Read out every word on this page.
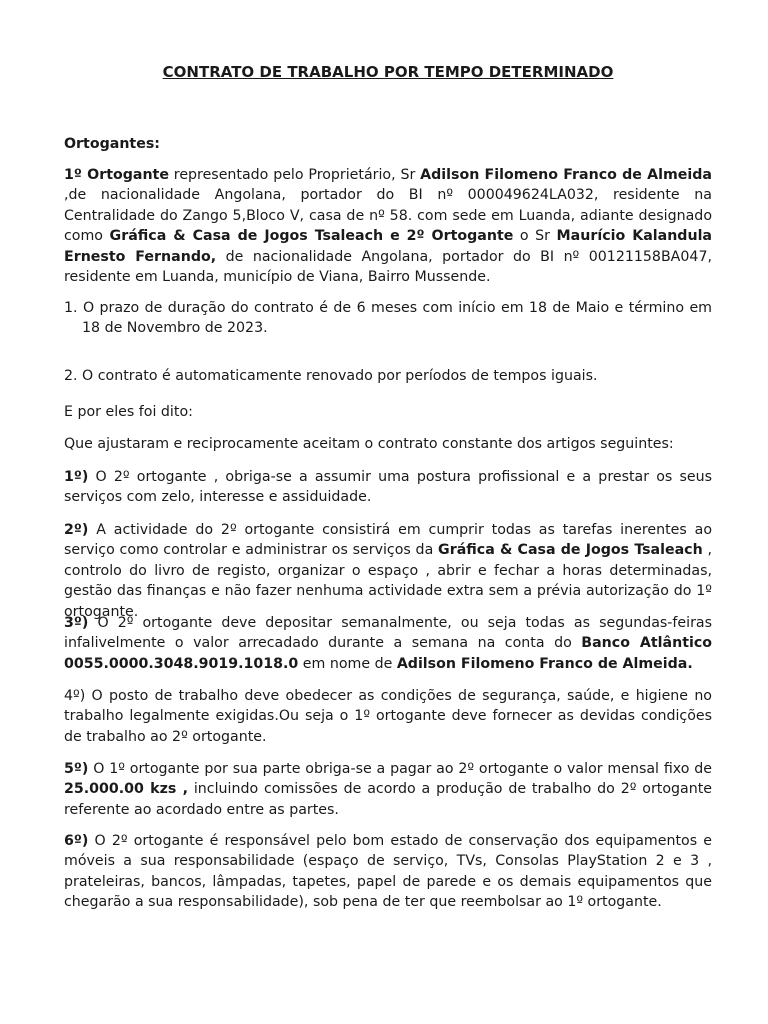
CONTRATO DE TRABALHO POR TEMPO DETERMINADO

Ortogantes:

1º Ortogante representado pelo Proprietário, Sr Adilson Filomeno Franco de Almeida ,de nacionalidade Angolana, portador do BI nº 000049624LA032, residente na Centralidade do Zango 5,Bloco V, casa de nº 58. com sede em Luanda, adiante designado como Gráfica & Casa de Jogos Tsaleach e 2º Ortogante o Sr Maurício Kalandula Ernesto Fernando, de nacionalidade Angolana, portador do BI nº 00121158BA047, residente em Luanda, município de Viana, Bairro Mussende.

1. O prazo de duração do contrato é de 6 meses com início em 18 de Maio e término em 18 de Novembro de 2023.

2. O contrato é automaticamente renovado por períodos de tempos iguais.

E por eles foi dito:

Que ajustaram e reciprocamente aceitam o contrato constante dos artigos seguintes:

1º) O 2º ortogante , obriga-se a assumir uma postura profissional e a prestar os seus serviços com zelo, interesse e assiduidade.

2º) A actividade do 2º ortogante consistirá em cumprir todas as tarefas inerentes ao serviço como controlar e administrar os serviços da Gráfica & Casa de Jogos Tsaleach , controlo do livro de registo, organizar o espaço , abrir e fechar a horas determinadas, gestão das finanças e não fazer nenhuma actividade extra sem a prévia autorização do 1º ortogante.

3º) O 2º ortogante deve depositar semanalmente, ou seja todas as segundas-feiras infalivelmente o valor arrecadado durante a semana na conta do Banco Atlântico 0055.0000.3048.9019.1018.0 em nome de Adilson Filomeno Franco de Almeida.

4º) O posto de trabalho deve obedecer as condições de segurança, saúde, e higiene no trabalho legalmente exigidas.Ou seja o 1º ortogante deve fornecer as devidas condições de trabalho ao 2º ortogante.

5º) O 1º ortogante por sua parte obriga-se a pagar ao 2º ortogante o valor mensal fixo de 25.000.00 kzs , incluindo comissões de acordo a produção de trabalho do 2º ortogante referente ao acordado entre as partes.

6º) O 2º ortogante é responsável pelo bom estado de conservação dos equipamentos e móveis a sua responsabilidade (espaço de serviço, TVs, Consolas PlayStation 2 e 3 , prateleiras, bancos, lâmpadas, tapetes, papel de parede e os demais equipamentos que chegarão a sua responsabilidade), sob pena de ter que reembolsar ao 1º ortogante.
